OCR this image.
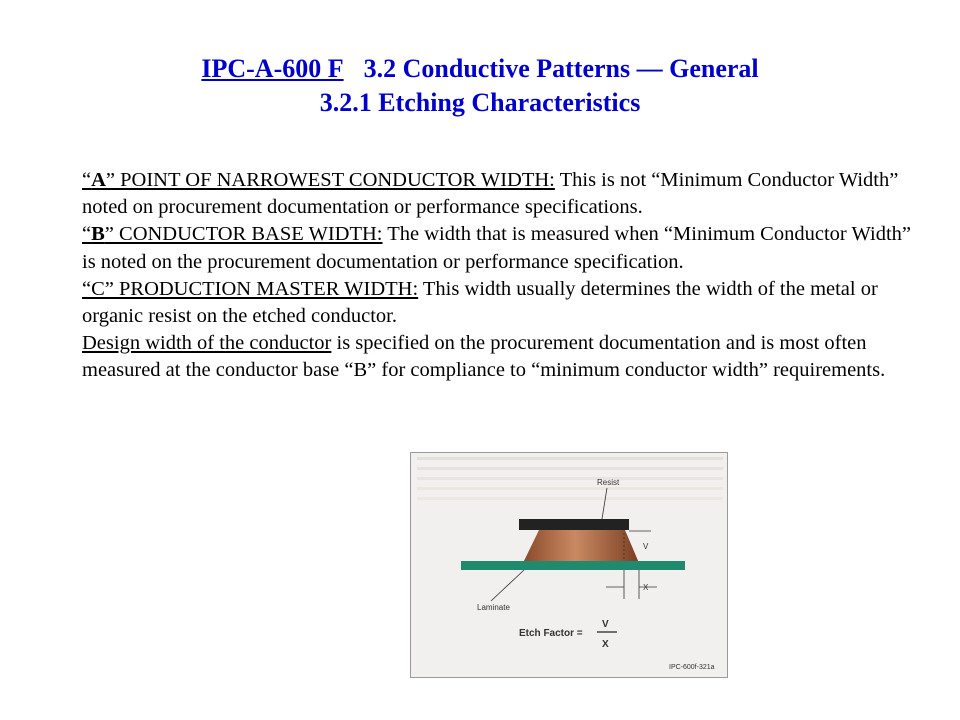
IPC-A-600 F 3.2 Conductive Patterns — General
3.2.1 Etching Characteristics

“A” POINT OF NARROWEST CONDUCTOR WIDTH: This is not “Minimum Conductor Width” noted on procurement documentation or performance specifications.

“B” CONDUCTOR BASE WIDTH: The width that is measured when “Minimum Conductor Width” is noted on the procurement documentation or performance specification.

“C” PRODUCTION MASTER WIDTH: This width usually determines the width of the metal or organic resist on the etched conductor.

Design width of the conductor is specified on the procurement documentation and is most often measured at the conductor base “B” for compliance to “minimum conductor width” requirements.

Resist
V
X
Laminate
Etch Factor =
V
X
IPC-600f-321a
